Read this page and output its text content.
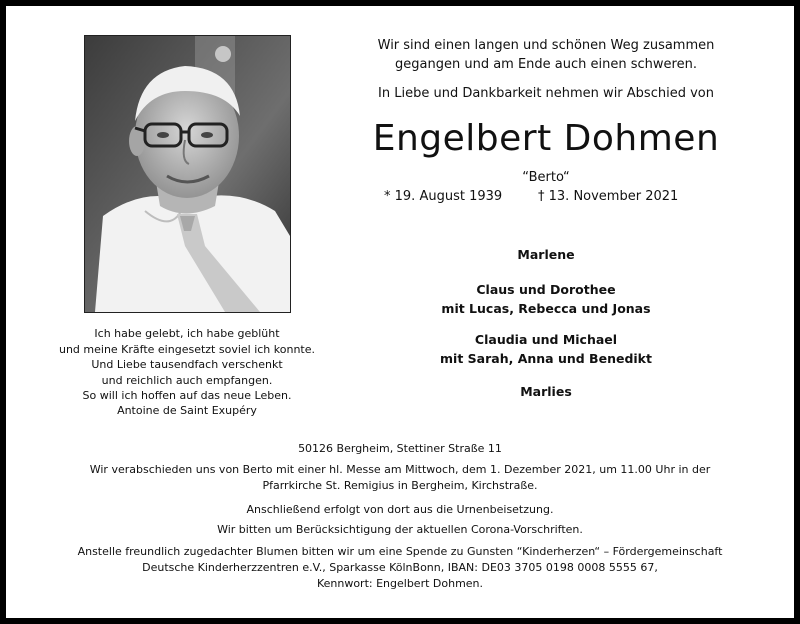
Ich habe gelebt, ich habe geblüht
und meine Kräfte eingesetzt soviel ich konnte.
Und Liebe tausendfach verschenkt
und reichlich auch empfangen.
So will ich hoffen auf das neue Leben.
Antoine de Saint Exupéry
Wir sind einen langen und schönen Weg zusammen
gegangen und am Ende auch einen schweren.
In Liebe und Dankbarkeit nehmen wir Abschied von
Engelbert Dohmen
“Berto“
* 19. August 1939	† 13. November 2021
Marlene
Claus und Dorothee
mit Lucas, Rebecca und Jonas
Claudia und Michael
mit Sarah, Anna und Benedikt
Marlies
50126 Bergheim, Stettiner Straße 11
Wir verabschieden uns von Berto mit einer hl. Messe am Mittwoch, dem 1. Dezember 2021, um 11.00 Uhr in der
Pfarrkirche St. Remigius in Bergheim, Kirchstraße.
Anschließend erfolgt von dort aus die Urnenbeisetzung.
Wir bitten um Berücksichtigung der aktuellen Corona-Vorschriften.
Anstelle freundlich zugedachter Blumen bitten wir um eine Spende zu Gunsten “Kinderherzen“ – Fördergemeinschaft
Deutsche Kinderherzzentren e.V., Sparkasse KölnBonn, IBAN: DE03 3705 0198 0008 5555 67,
Kennwort: Engelbert Dohmen.
